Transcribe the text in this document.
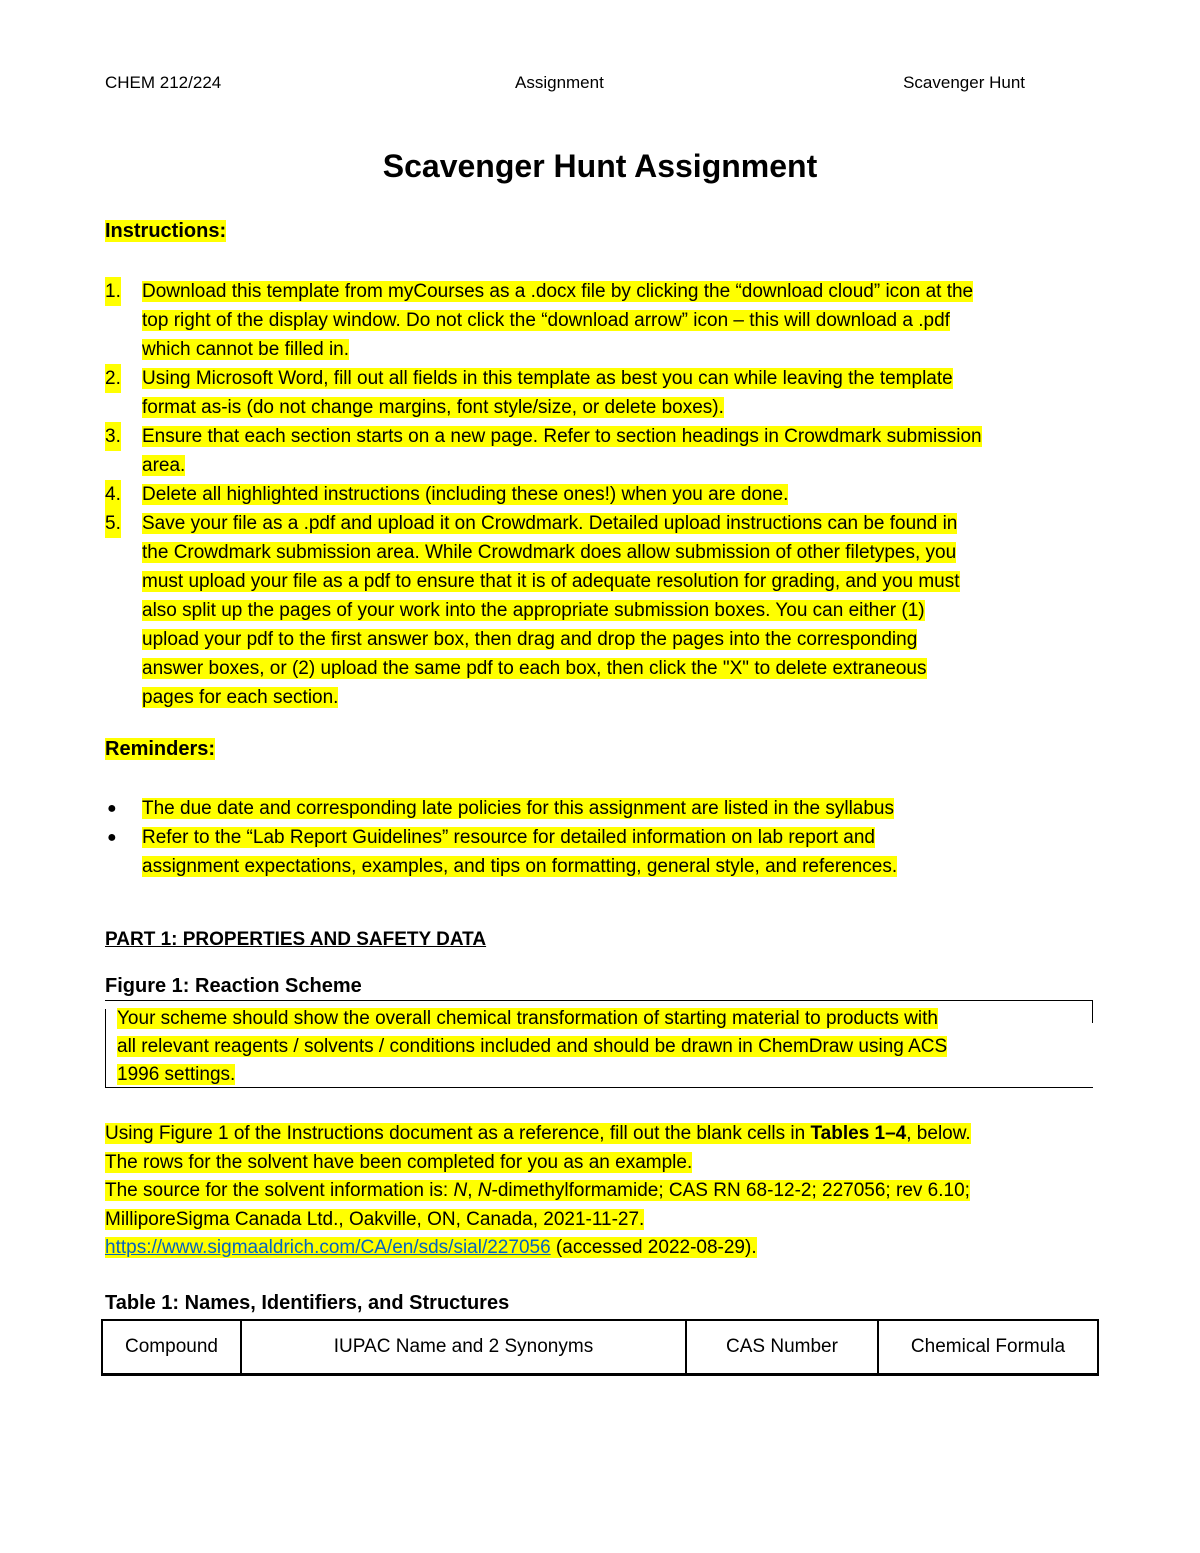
CHEM 212/224	Assignment	Scavenger Hunt
Scavenger Hunt Assignment
Instructions:
1. Download this template from myCourses as a .docx file by clicking the “download cloud” icon at the
top right of the display window. Do not click the “download arrow” icon – this will download a .pdf
which cannot be filled in.
2. Using Microsoft Word, fill out all fields in this template as best you can while leaving the template
format as-is (do not change margins, font style/size, or delete boxes).
3. Ensure that each section starts on a new page. Refer to section headings in Crowdmark submission
area.
4. Delete all highlighted instructions (including these ones!) when you are done.
5. Save your file as a .pdf and upload it on Crowdmark. Detailed upload instructions can be found in
the Crowdmark submission area. While Crowdmark does allow submission of other filetypes, you
must upload your file as a pdf to ensure that it is of adequate resolution for grading, and you must
also split up the pages of your work into the appropriate submission boxes. You can either (1)
upload your pdf to the first answer box, then drag and drop the pages into the corresponding
answer boxes, or (2) upload the same pdf to each box, then click the "X" to delete extraneous
pages for each section.
Reminders:
● The due date and corresponding late policies for this assignment are listed in the syllabus
● Refer to the “Lab Report Guidelines” resource for detailed information on lab report and
assignment expectations, examples, and tips on formatting, general style, and references.
PART 1: PROPERTIES AND SAFETY DATA
Figure 1: Reaction Scheme
Your scheme should show the overall chemical transformation of starting material to products with
all relevant reagents / solvents / conditions included and should be drawn in ChemDraw using ACS
1996 settings.
Using Figure 1 of the Instructions document as a reference, fill out the blank cells in Tables 1–4, below.
The rows for the solvent have been completed for you as an example.
The source for the solvent information is: N, N-dimethylformamide; CAS RN 68-12-2; 227056; rev 6.10;
MilliporeSigma Canada Ltd., Oakville, ON, Canada, 2021-11-27.
https://www.sigmaaldrich.com/CA/en/sds/sial/227056 (accessed 2022-08-29).
Table 1: Names, Identifiers, and Structures
Compound	IUPAC Name and 2 Synonyms	CAS Number	Chemical Formula
